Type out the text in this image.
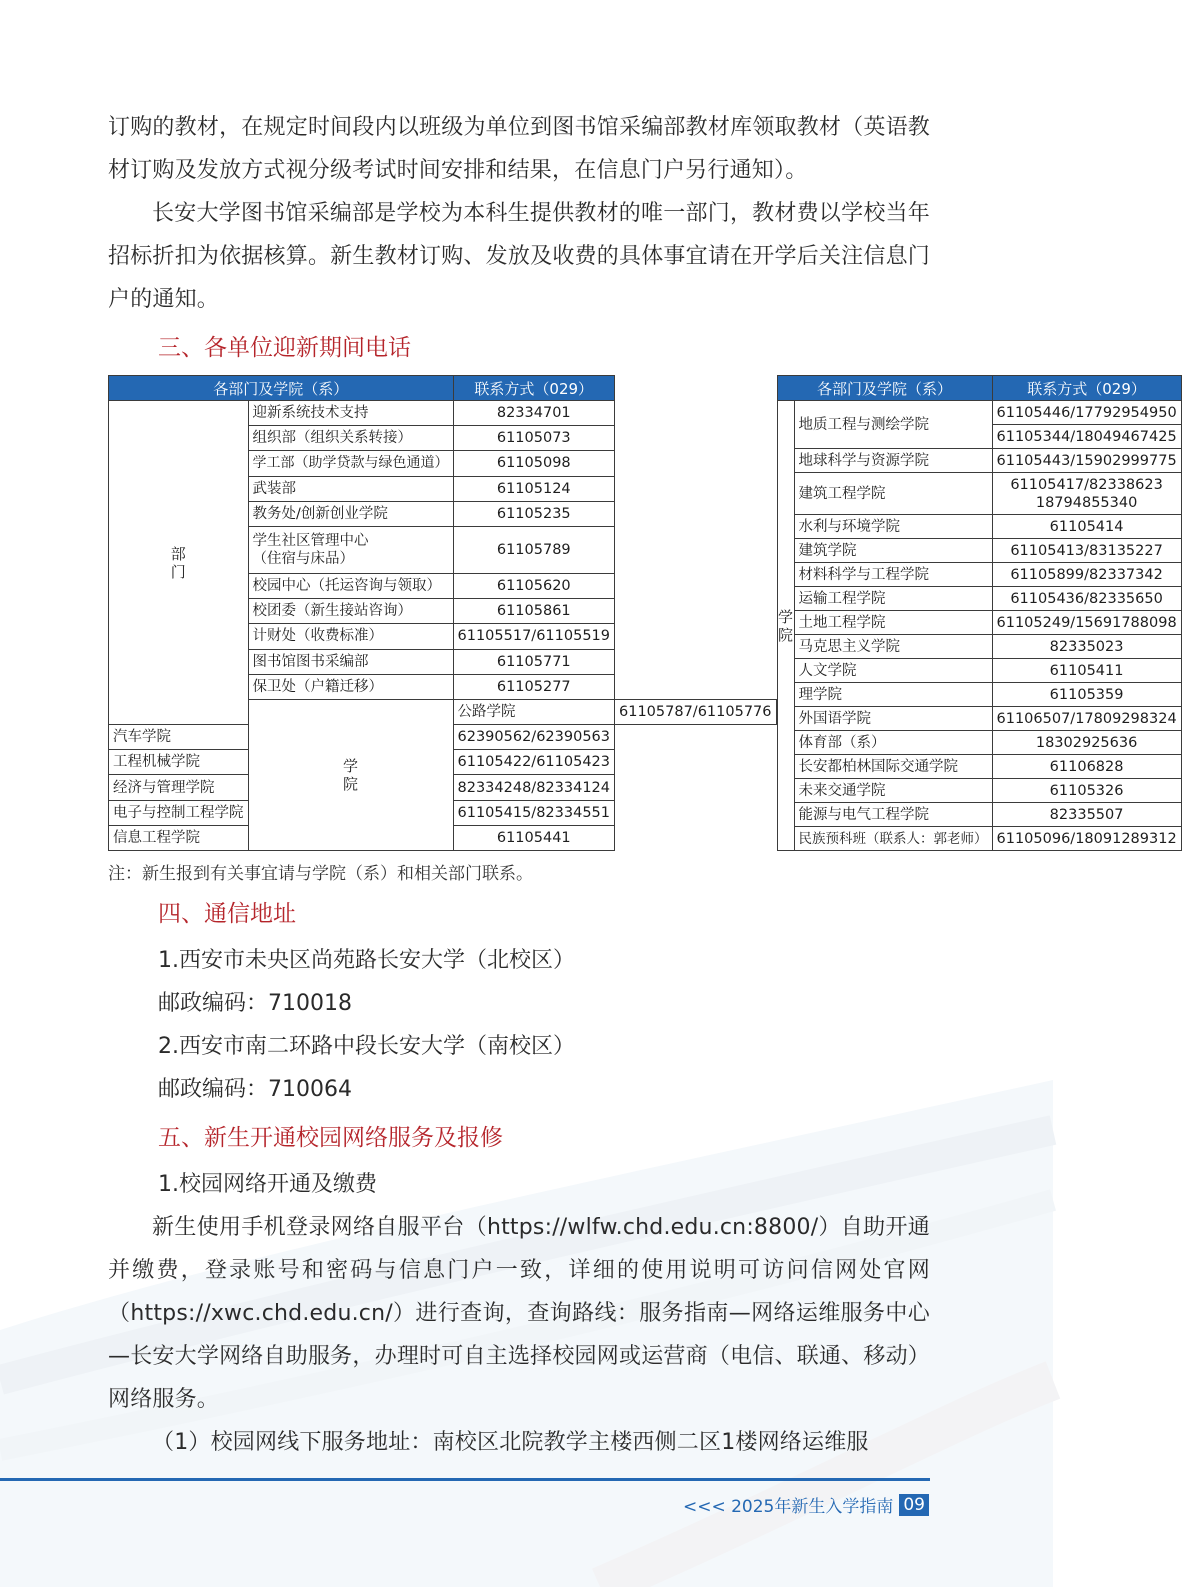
订购的教材，在规定时间段内以班级为单位到图书馆采编部教材库领取教材（英语教材订购及发放方式视分级考试时间安排和结果，在信息门户另行通知）。

长安大学图书馆采编部是学校为本科生提供教材的唯一部门，教材费以学校当年招标折扣为依据核算。新生教材订购、发放及收费的具体事宜请在开学后关注信息门户的通知。

三、各单位迎新期间电话
各部门及学院（系）		联系方式（029）	
部门	迎新系统技术支持	82334701	
	组织部（组织关系转接）	61105073	
	学工部（助学贷款与绿色通道）	61105098	
	武装部	61105124	
	教务处/创新创业学院	61105235	

	学生社区管理中心
（住宿与床品）	61105789	
	校园中心（托运咨询与领取）	61105620	
	校团委（新生接站咨询）	61105861	
	计财处（收费标准）	61105517/61105519	
	图书馆图书采编部	61105771	
	保卫处（户籍迁移）	61105277	
	学院	公路学院	61105787/61105776
汽车学院		62390562/62390563	
工程机械学院		61105422/61105423	
经济与管理学院		82334248/82334124	
电子与控制工程学院		61105415/82334551	
信息工程学院		61105441	
各部门及学院（系）		联系方式（029）
学院	地质工程与测绘学院	61105446/17792954950
		61105344/18049467425
	地球科学与资源学院	61105443/15902999775
	建筑工程学院	61105417/82338623
18794855340

	水利与环境学院	61105414
	建筑学院	61105413/83135227
	材料科学与工程学院	61105899/82337342
	运输工程学院	61105436/82335650
	土地工程学院	61105249/15691788098
	马克思主义学院	82335023
	人文学院	61105411
	理学院	61105359
	外国语学院	61106507/17809298324
	体育部（系）	18302925636
	长安都柏林国际交通学院	61106828
	未来交通学院	61105326
	能源与电气工程学院	82335507
	民族预科班（联系人：郭老师）	61105096/18091289312
注：新生报到有关事宜请与学院（系）和相关部门联系。
四、通信地址
1.西安市未央区尚苑路长安大学（北校区）
邮政编码：710018
2.西安市南二环路中段长安大学（南校区）
邮政编码：710064
五、新生开通校园网络服务及报修
1.校园网络开通及缴费

新生使用手机登录网络自服平台（https://wlfw.chd.edu.cn:8800/）自助开通并缴费，登录账号和密码与信息门户一致，详细的使用说明可访问信网处官网（https://xwc.chd.edu.cn/）进行查询，查询路线：服务指南—网络运维服务中心—长安大学网络自助服务，办理时可自主选择校园网或运营商（电信、联通、移动）网络服务。

（1）校园网线下服务地址：南校区北院教学主楼西侧二区1楼网络运维服

<<< 2025年新生入学指南 09
